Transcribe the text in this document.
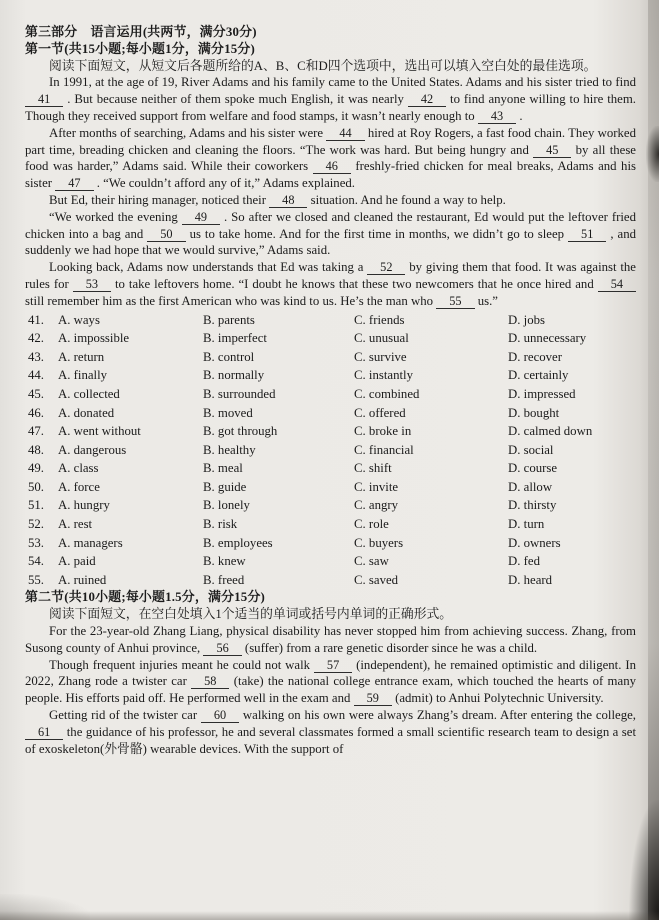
第三部分　语言运用(共两节，满分30分)
第一节(共15小题;每小题1分，满分15分)

阅读下面短文，从短文后各题所给的A、B、C和D四个选项中，选出可以填入空白处的最佳选项。

In 1991, at the age of 19, River Adams and his family came to the United States. Adams and his sister tried to find 41 . But because neither of them spoke much English, it was nearly 42 to find anyone willing to hire them. Though they received support from welfare and food stamps, it wasn’t nearly enough to 43 .

After months of searching, Adams and his sister were 44 hired at Roy Rogers, a fast food chain. They worked part time, breading chicken and cleaning the floors. “The work was hard. But being hungry and 45 by all these food was harder,” Adams said. While their coworkers 46 freshly-fried chicken for meal breaks, Adams and his sister 47 . “We couldn’t afford any of it,” Adams explained.

But Ed, their hiring manager, noticed their 48 situation. And he found a way to help.

“We worked the evening 49 . So after we closed and cleaned the restaurant, Ed would put the leftover fried chicken into a bag and 50 us to take home. And for the first time in months, we didn’t go to sleep 51 , and suddenly we had hope that we would survive,” Adams said.

Looking back, Adams now understands that Ed was taking a 52 by giving them that food. It was against the rules for 53 to take leftovers home. “I doubt he knows that these two newcomers that he once hired and 54 still remember him as the first American who was kind to us. He’s the man who 55 us.”

41.	A. ways	B. parents	C. friends	D. jobs
42.	A. impossible	B. imperfect	C. unusual	D. unnecessary
43.	A. return	B. control	C. survive	D. recover
44.	A. finally	B. normally	C. instantly	D. certainly
45.	A. collected	B. surrounded	C. combined	D. impressed
46.	A. donated	B. moved	C. offered	D. bought
47.	A. went without	B. got through	C. broke in	D. calmed down
48.	A. dangerous	B. healthy	C. financial	D. social
49.	A. class	B. meal	C. shift	D. course
50.	A. force	B. guide	C. invite	D. allow
51.	A. hungry	B. lonely	C. angry	D. thirsty
52.	A. rest	B. risk	C. role	D. turn
53.	A. managers	B. employees	C. buyers	D. owners
54.	A. paid	B. knew	C. saw	D. fed
55.	A. ruined	B. freed	C. saved	D. heard
第二节(共10小题;每小题1.5分，满分15分)

阅读下面短文，在空白处填入1个适当的单词或括号内单词的正确形式。

For the 23-year-old Zhang Liang, physical disability has never stopped him from achieving success. Zhang, from Susong county of Anhui province, 56 (suffer) from a rare genetic disorder since he was a child.

Though frequent injuries meant he could not walk 57 (independent), he remained optimistic and diligent. In 2022, Zhang rode a twister car 58 (take) the national college entrance exam, which touched the hearts of many people. His efforts paid off. He performed well in the exam and 59 (admit) to Anhui Polytechnic University.

Getting rid of the twister car 60 walking on his own were always Zhang’s dream. After entering the college, 61 the guidance of his professor, he and several classmates formed a small scientific research team to design a set of exoskeleton(外骨骼) wearable devices. With the support of
